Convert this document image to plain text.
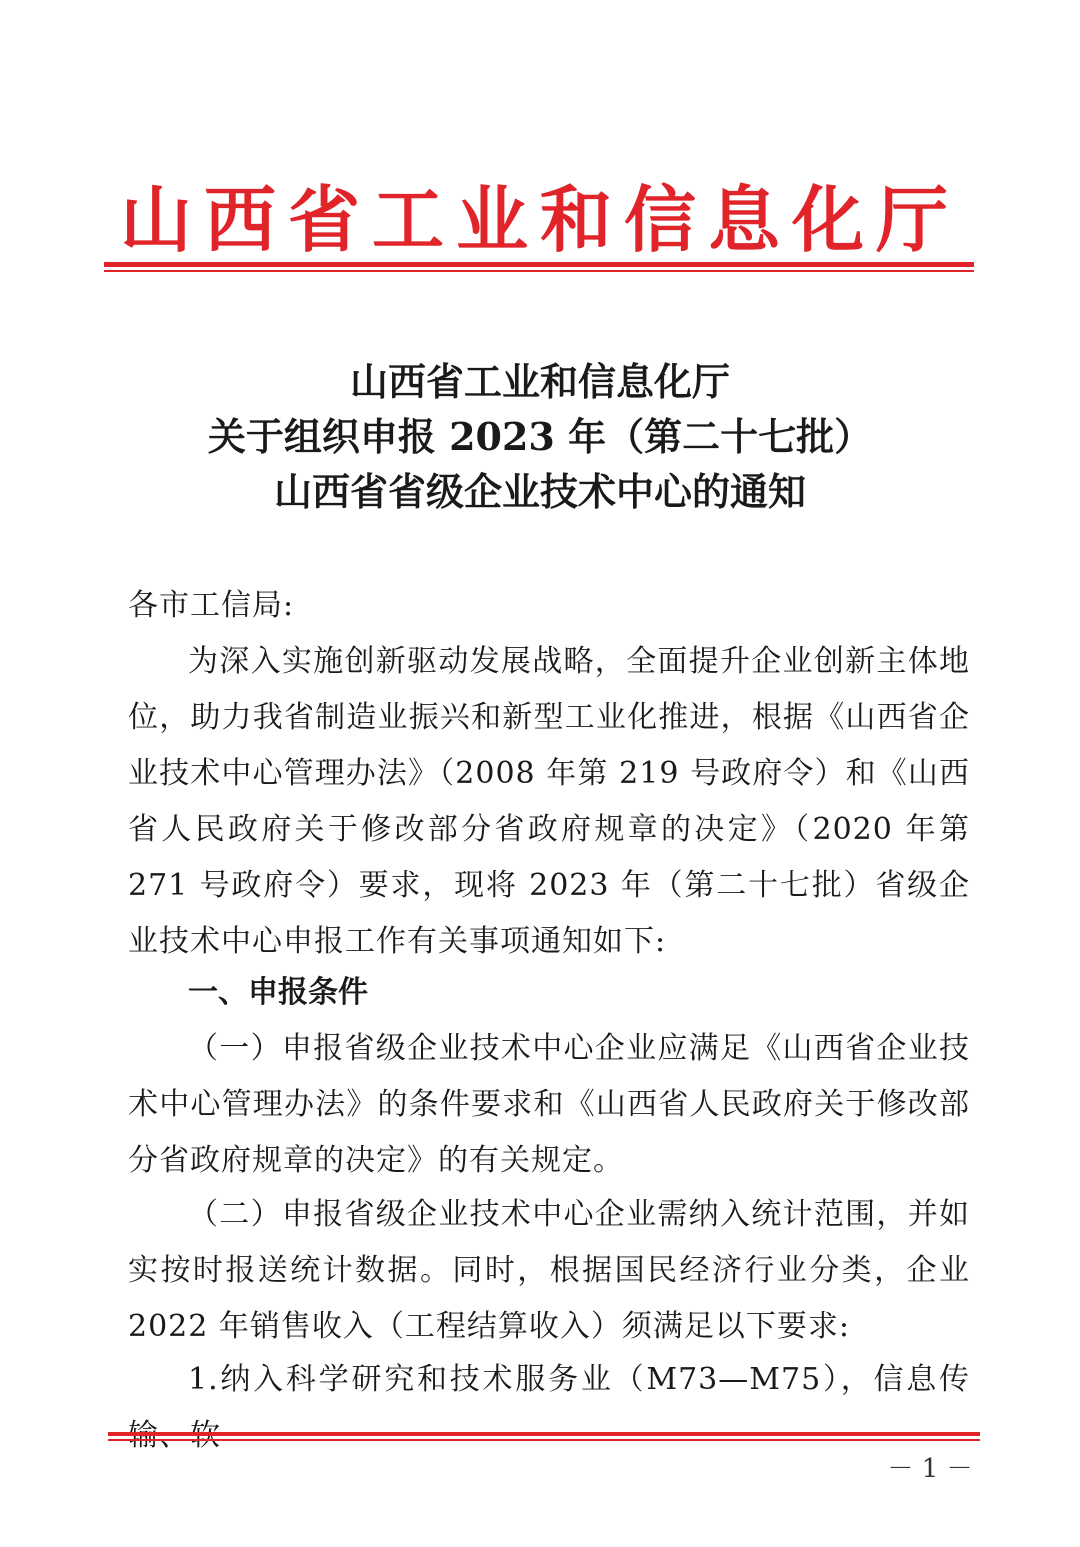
山西省工业和信息化厅
山西省工业和信息化厅
关于组织申报 2023 年（第二十七批）
山西省省级企业技术中心的通知
各市工信局:
为深入实施创新驱动发展战略，全面提升企业创新主体地位，助力我省制造业振兴和新型工业化推进，根据《山西省企业技术中心管理办法》（2008 年第 219 号政府令）和《山西省人民政府关于修改部分省政府规章的决定》（2020 年第 271 号政府令）要求，现将 2023 年（第二十七批）省级企业技术中心申报工作有关事项通知如下:
一、申报条件
（一）申报省级企业技术中心企业应满足《山西省企业技术中心管理办法》的条件要求和《山西省人民政府关于修改部分省政府规章的决定》的有关规定。
（二）申报省级企业技术中心企业需纳入统计范围，并如实按时报送统计数据。同时，根据国民经济行业分类，企业 2022 年销售收入（工程结算收入）须满足以下要求:
1.纳入科学研究和技术服务业（M73—M75），信息传
－ 1 －
